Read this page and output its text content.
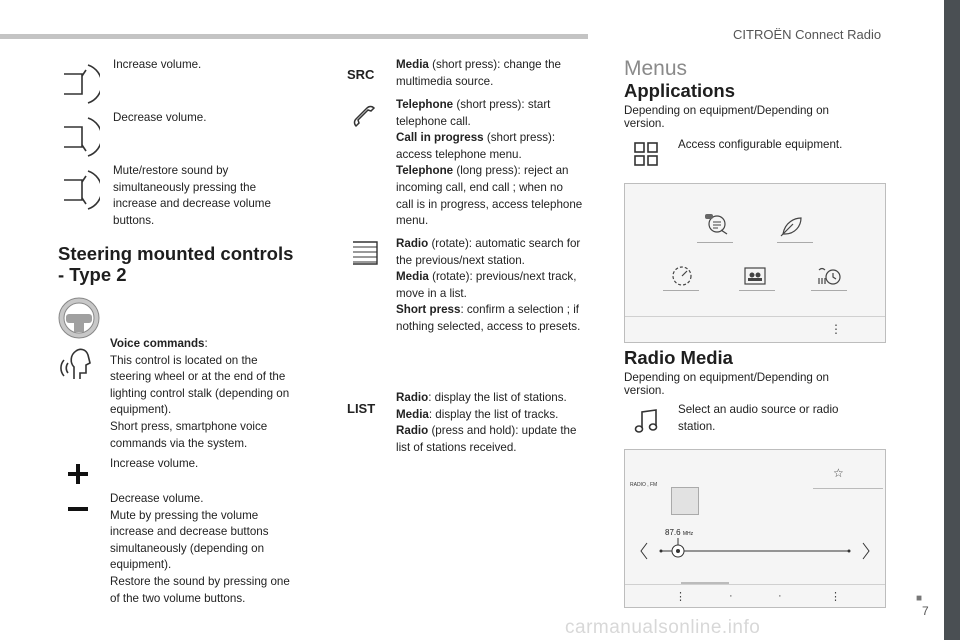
CITROËN Connect Radio
■
7
Increase volume.
Decrease volume.
Mute/restore sound by
simultaneously pressing the
increase and decrease volume
buttons.
Steering mounted controls
- Type 2
Voice commands:
This control is located on the
steering wheel or at the end of the
lighting control stalk (depending on
equipment).
Short press, smartphone voice
commands via the system.
Increase volume.
Decrease volume.
Mute by pressing the volume
increase and decrease buttons
simultaneously (depending on
equipment).
Restore the sound by pressing one
of the two volume buttons.
SRC
Media (short press): change the
multimedia source.
Telephone (short press): start
telephone call.
Call in progress (short press):
access telephone menu.
Telephone (long press): reject an
incoming call, end call ; when no
call is in progress, access telephone
menu.
Radio (rotate): automatic search for
the previous/next station.
Media (rotate): previous/next track,
move in a list.
Short press: confirm a selection ; if
nothing selected, access to presets.
LIST
Radio: display the list of stations.
Media: display the list of tracks.
Radio (press and hold): update the
list of stations received.
Menus
Applications
Depending on equipment/Depending on
version.
Access configurable equipment.
⋮
Radio Media
Depending on equipment/Depending on
version.
Select an audio source or radio
station.
RADIO , FM
☆
87.6 MHz
⋮	·	·	⋮
carmanualsonline.info
